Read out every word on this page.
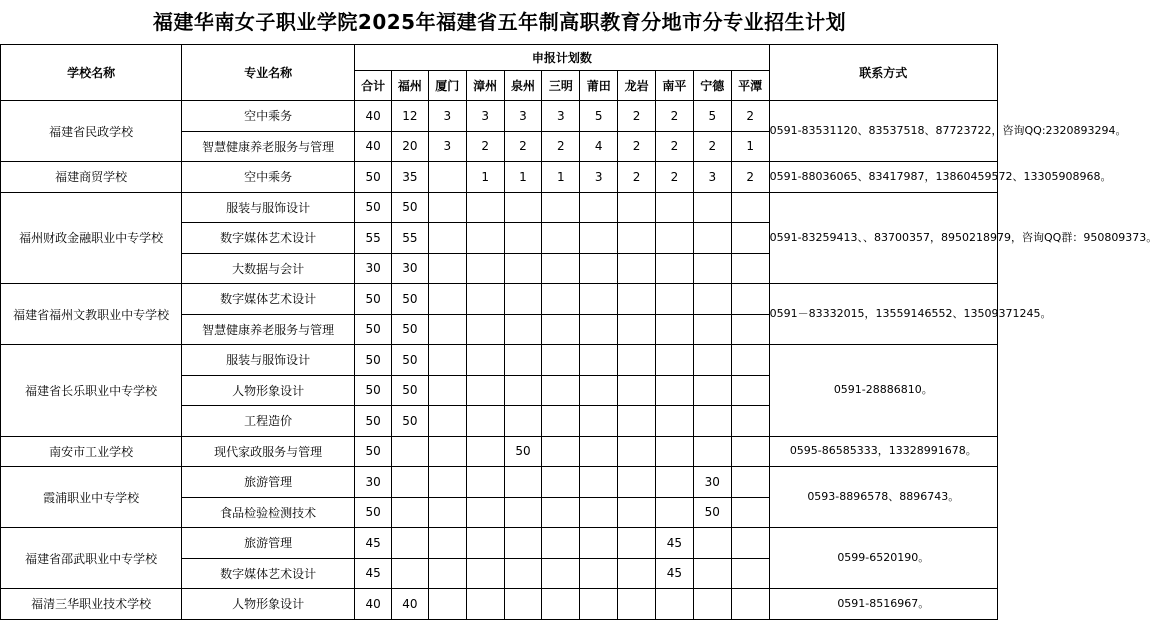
福建华南女子职业学院2025年福建省五年制高职教育分地市分专业招生计划
学校名称	专业名称	申报计划数											联系方式
		合计	福州	厦门	漳州	泉州	三明	莆田	龙岩	南平	宁德	平潭	
福建省民政学校	空中乘务	40	12	3	3	3	3	5	2	2	5	2	0591-83531120、83537518、87723722，咨询QQ:2320893294。
	智慧健康养老服务与管理	40	20	3	2	2	2	4	2	2	2	1	
福建商贸学校	空中乘务	50	35		1	1	1	3	2	2	3	2	0591-88036065、83417987，13860459572、13305908968。
福州财政金融职业中专学校	服装与服饰设计	50	50										0591-83259413、、83700357，8950218979，咨询QQ群：950809373。
	数字媒体艺术设计	55	55										
	大数据与会计	30	30										
福建省福州文教职业中专学校	数字媒体艺术设计	50	50										0591－83332015，13559146552、13509371245。
	智慧健康养老服务与管理	50	50										
福建省长乐职业中专学校	服装与服饰设计	50	50										0591-28886810。
	人物形象设计	50	50										
	工程造价	50	50										
南安市工业学校	现代家政服务与管理	50				50							0595-86585333，13328991678。
霞浦职业中专学校	旅游管理	30									30		0593-8896578、8896743。
	食品检验检测技术	50									50		
福建省邵武职业中专学校	旅游管理	45								45			0599-6520190。
	数字媒体艺术设计	45								45			
福清三华职业技术学校	人物形象设计	40	40										0591-8516967。
